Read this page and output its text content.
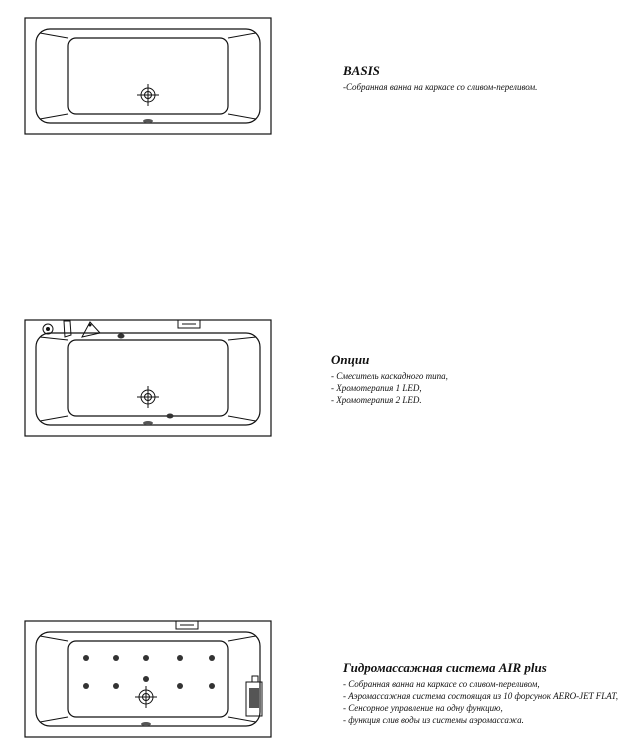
BASIS

-Собранная ванна на каркасе со сливом-переливом.

Опции

- Смеситель каскадного типа,

- Хромотерапия 1 LED,

- Хромотерапия 2 LED.

Гидромассажная система AIR plus

- Собранная ванна на каркасе со сливом-переливом,

- Аэромассажная система состоящая из 10 форсунок AERO-JET FLAT,

- Сенсорное управление на одну функцию,

- функция слив воды из системы аэромассажа.
